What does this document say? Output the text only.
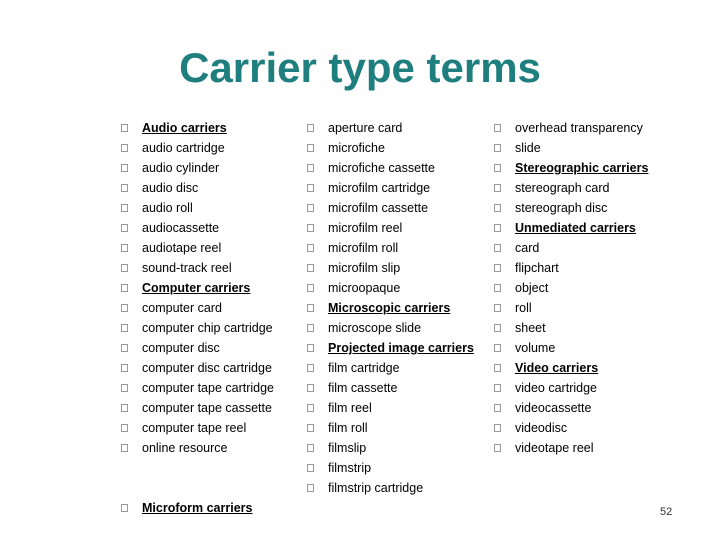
Carrier type terms
Audio carriers
audio cartridge
audio cylinder
audio disc
audio roll
audiocassette
audiotape reel
sound-track reel
Computer carriers
computer card
computer chip cartridge
computer disc
computer disc cartridge
computer tape cartridge
computer tape cassette
computer tape reel
online resource
aperture card
microfiche
microfiche cassette
microfilm cartridge
microfilm cassette
microfilm reel
microfilm roll
microfilm slip
microopaque
Microscopic carriers
microscope slide
Projected image carriers
film cartridge
film cassette
film reel
film roll
filmslip
filmstrip
filmstrip cartridge
overhead transparency
slide
Stereographic carriers
stereograph card
stereograph disc
Unmediated carriers
card
flipchart
object
roll
sheet
volume
Video carriers
video cartridge
videocassette
videodisc
videotape reel
Microform carriers	52
